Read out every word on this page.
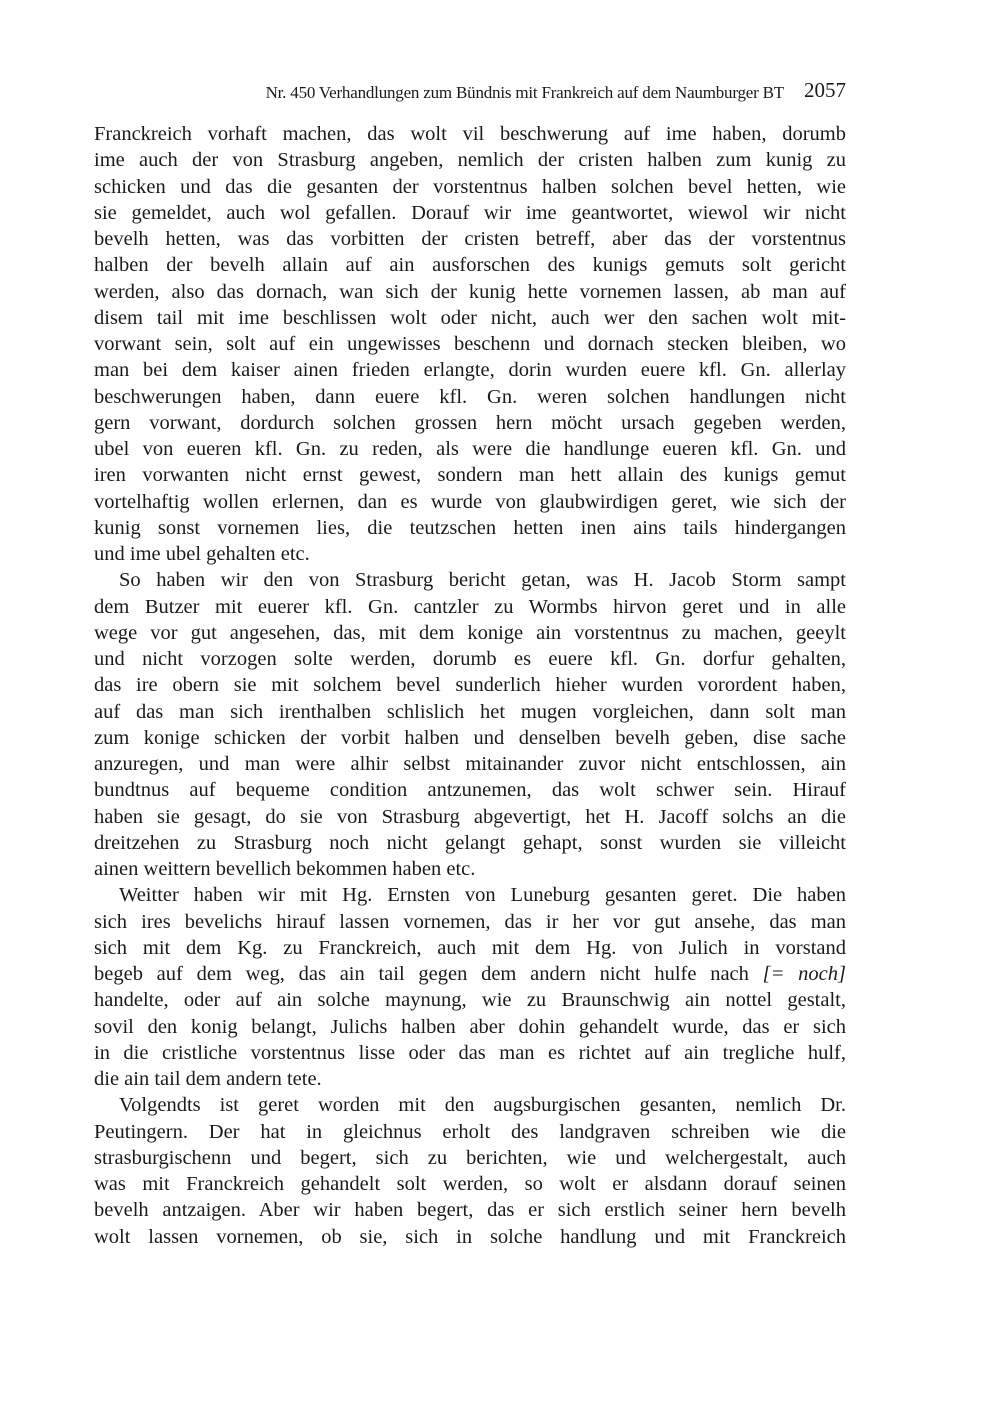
Nr. 450 Verhandlungen zum Bündnis mit Frankreich auf dem Naumburger BT 2057
Franckreich vorhaft machen, das wolt vil beschwerung auf ime haben, dorumb
ime auch der von Strasburg angeben, nemlich der cristen halben zum kunig zu
schicken und das die gesanten der vorstentnus halben solchen bevel hetten, wie
sie gemeldet, auch wol gefallen. Dorauf wir ime geantwortet, wiewol wir nicht
bevelh hetten, was das vorbitten der cristen betreff, aber das der vorstentnus
halben der bevelh allain auf ain ausforschen des kunigs gemuts solt gericht
werden, also das dornach, wan sich der kunig hette vornemen lassen, ab man auf
disem tail mit ime beschlissen wolt oder nicht, auch wer den sachen wolt mit-
vorwant sein, solt auf ein ungewisses beschenn und dornach stecken bleiben, wo
man bei dem kaiser ainen frieden erlangte, dorin wurden euere kfl. Gn. allerlay
beschwerungen haben, dann euere kfl. Gn. weren solchen handlungen nicht
gern vorwant, dordurch solchen grossen hern möcht ursach gegeben werden,
ubel von eueren kfl. Gn. zu reden, als were die handlunge eueren kfl. Gn. und
iren vorwanten nicht ernst gewest, sondern man hett allain des kunigs gemut
vortelhaftig wollen erlernen, dan es wurde von glaubwirdigen geret, wie sich der
kunig sonst vornemen lies, die teutzschen hetten inen ains tails hindergangen
und ime ubel gehalten etc.
So haben wir den von Strasburg bericht getan, was H. Jacob Storm sampt
dem Butzer mit euerer kfl. Gn. cantzler zu Wormbs hirvon geret und in alle
wege vor gut angesehen, das, mit dem konige ain vorstentnus zu machen, geeylt
und nicht vorzogen solte werden, dorumb es euere kfl. Gn. dorfur gehalten,
das ire obern sie mit solchem bevel sunderlich hieher wurden vorordent haben,
auf das man sich irenthalben schlislich het mugen vorgleichen, dann solt man
zum konige schicken der vorbit halben und denselben bevelh geben, dise sache
anzuregen, und man were alhir selbst mitainander zuvor nicht entschlossen, ain
bundtnus auf bequeme condition antzunemen, das wolt schwer sein. Hirauf
haben sie gesagt, do sie von Strasburg abgevertigt, het H. Jacoff solchs an die
dreitzehen zu Strasburg noch nicht gelangt gehapt, sonst wurden sie villeicht
ainen weittern bevellich bekommen haben etc.
Weitter haben wir mit Hg. Ernsten von Luneburg gesanten geret. Die haben
sich ires bevelichs hirauf lassen vornemen, das ir her vor gut ansehe, das man
sich mit dem Kg. zu Franckreich, auch mit dem Hg. von Julich in vorstand
begeb auf dem weg, das ain tail gegen dem andern nicht hulfe nach [= noch]
handelte, oder auf ain solche maynung, wie zu Braunschwig ain nottel gestalt,
sovil den konig belangt, Julichs halben aber dohin gehandelt wurde, das er sich
in die cristliche vorstentnus lisse oder das man es richtet auf ain tregliche hulf,
die ain tail dem andern tete.
Volgendts ist geret worden mit den augsburgischen gesanten, nemlich Dr.
Peutingern. Der hat in gleichnus erholt des landgraven schreiben wie die
strasburgischenn und begert, sich zu berichten, wie und welchergestalt, auch
was mit Franckreich gehandelt solt werden, so wolt er alsdann dorauf seinen
bevelh antzaigen. Aber wir haben begert, das er sich erstlich seiner hern bevelh
wolt lassen vornemen, ob sie, sich in solche handlung und mit Franckreich
